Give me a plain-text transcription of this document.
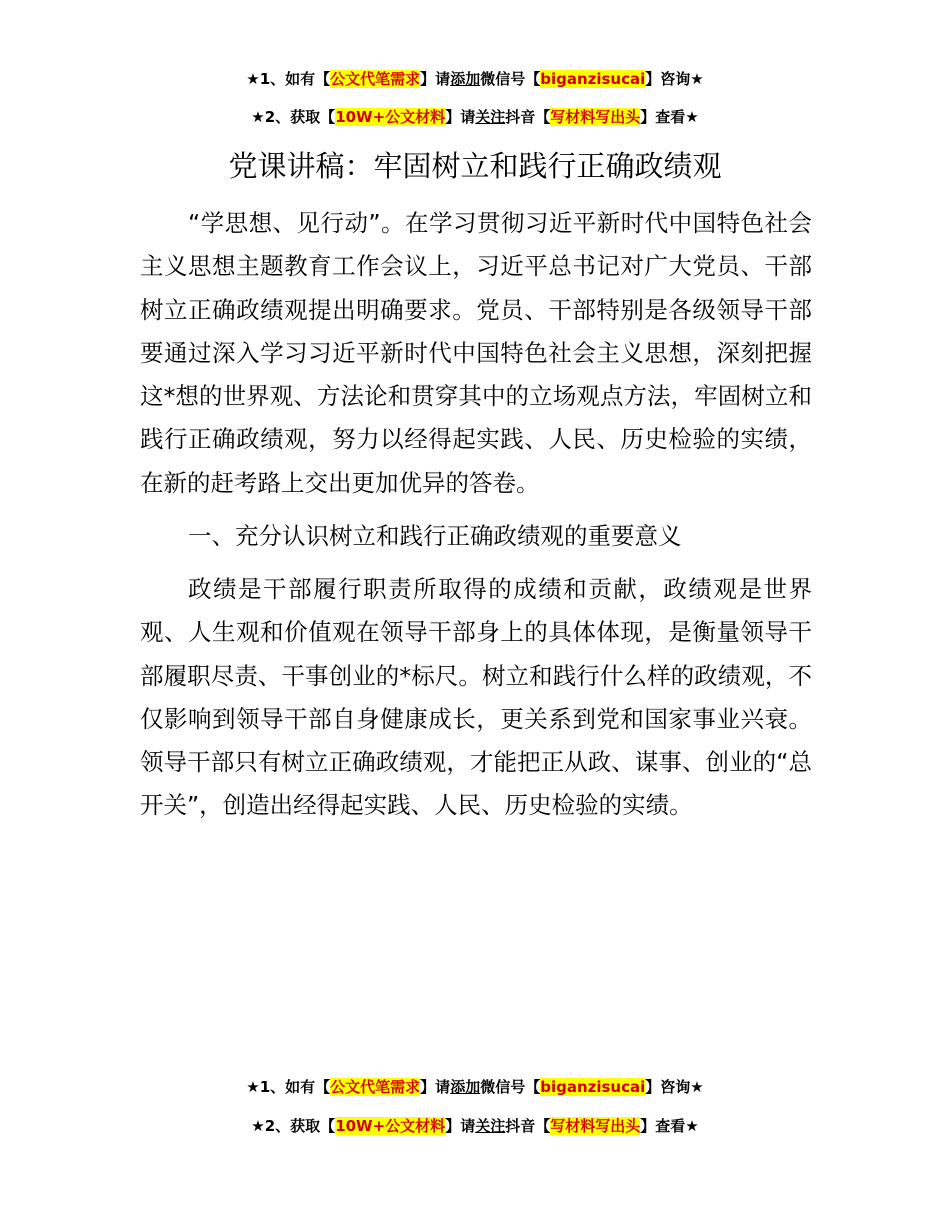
★1、如有【公文代笔需求】请添加微信号【biganzisucai】咨询★
★2、获取【10W+公文材料】请关注抖音【写材料写出头】查看★
党课讲稿：牢固树立和践行正确政绩观

“学思想、见行动”。在学习贯彻习近平新时代中国特色社会主义思想主题教育工作会议上，习近平总书记对广大党员、干部树立正确政绩观提出明确要求。党员、干部特别是各级领导干部要通过深入学习习近平新时代中国特色社会主义思想，深刻把握这*想的世界观、方法论和贯穿其中的立场观点方法，牢固树立和践行正确政绩观，努力以经得起实践、人民、历史检验的实绩，在新的赶考路上交出更加优异的答卷。

一、充分认识树立和践行正确政绩观的重要意义

政绩是干部履行职责所取得的成绩和贡献，政绩观是世界观、人生观和价值观在领导干部身上的具体体现，是衡量领导干部履职尽责、干事创业的*标尺。树立和践行什么样的政绩观，不仅影响到领导干部自身健康成长，更关系到党和国家事业兴衰。领导干部只有树立正确政绩观，才能把正从政、谋事、创业的“总开关”，创造出经得起实践、人民、历史检验的实绩。

★1、如有【公文代笔需求】请添加微信号【biganzisucai】咨询★
★2、获取【10W+公文材料】请关注抖音【写材料写出头】查看★
